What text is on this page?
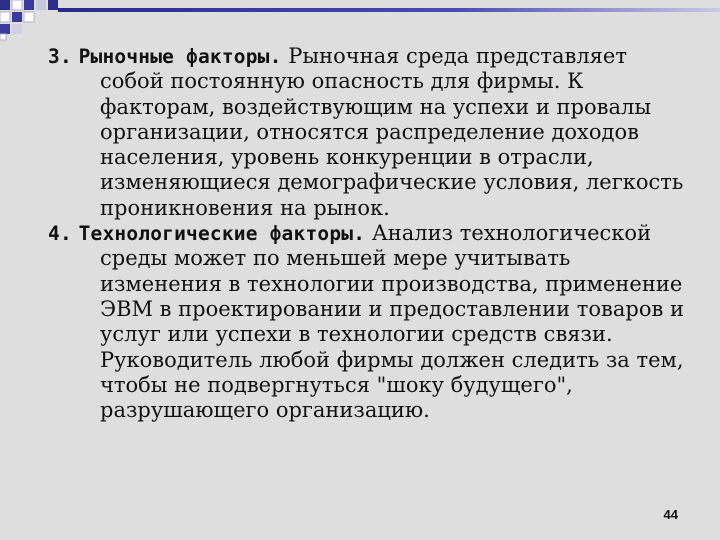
3. Рыночные факторы. Рыночная среда представляет собой постоянную опасность для фирмы. К факторам, воздействующим на успехи и провалы организации, относятся распределение доходов населения, уровень конкуренции в отрасли, изменяющиеся демографические условия, легкость проникновения на рынок.

4. Технологические факторы. Анализ технологической среды может по меньшей мере учитывать изменения в технологии производства, применение ЭВМ в проектировании и предоставлении товаров и услуг или успехи в технологии средств связи. Руководитель любой фирмы должен следить за тем, чтобы не подвергнуться "шоку будущего", разрушающего организацию.

44
